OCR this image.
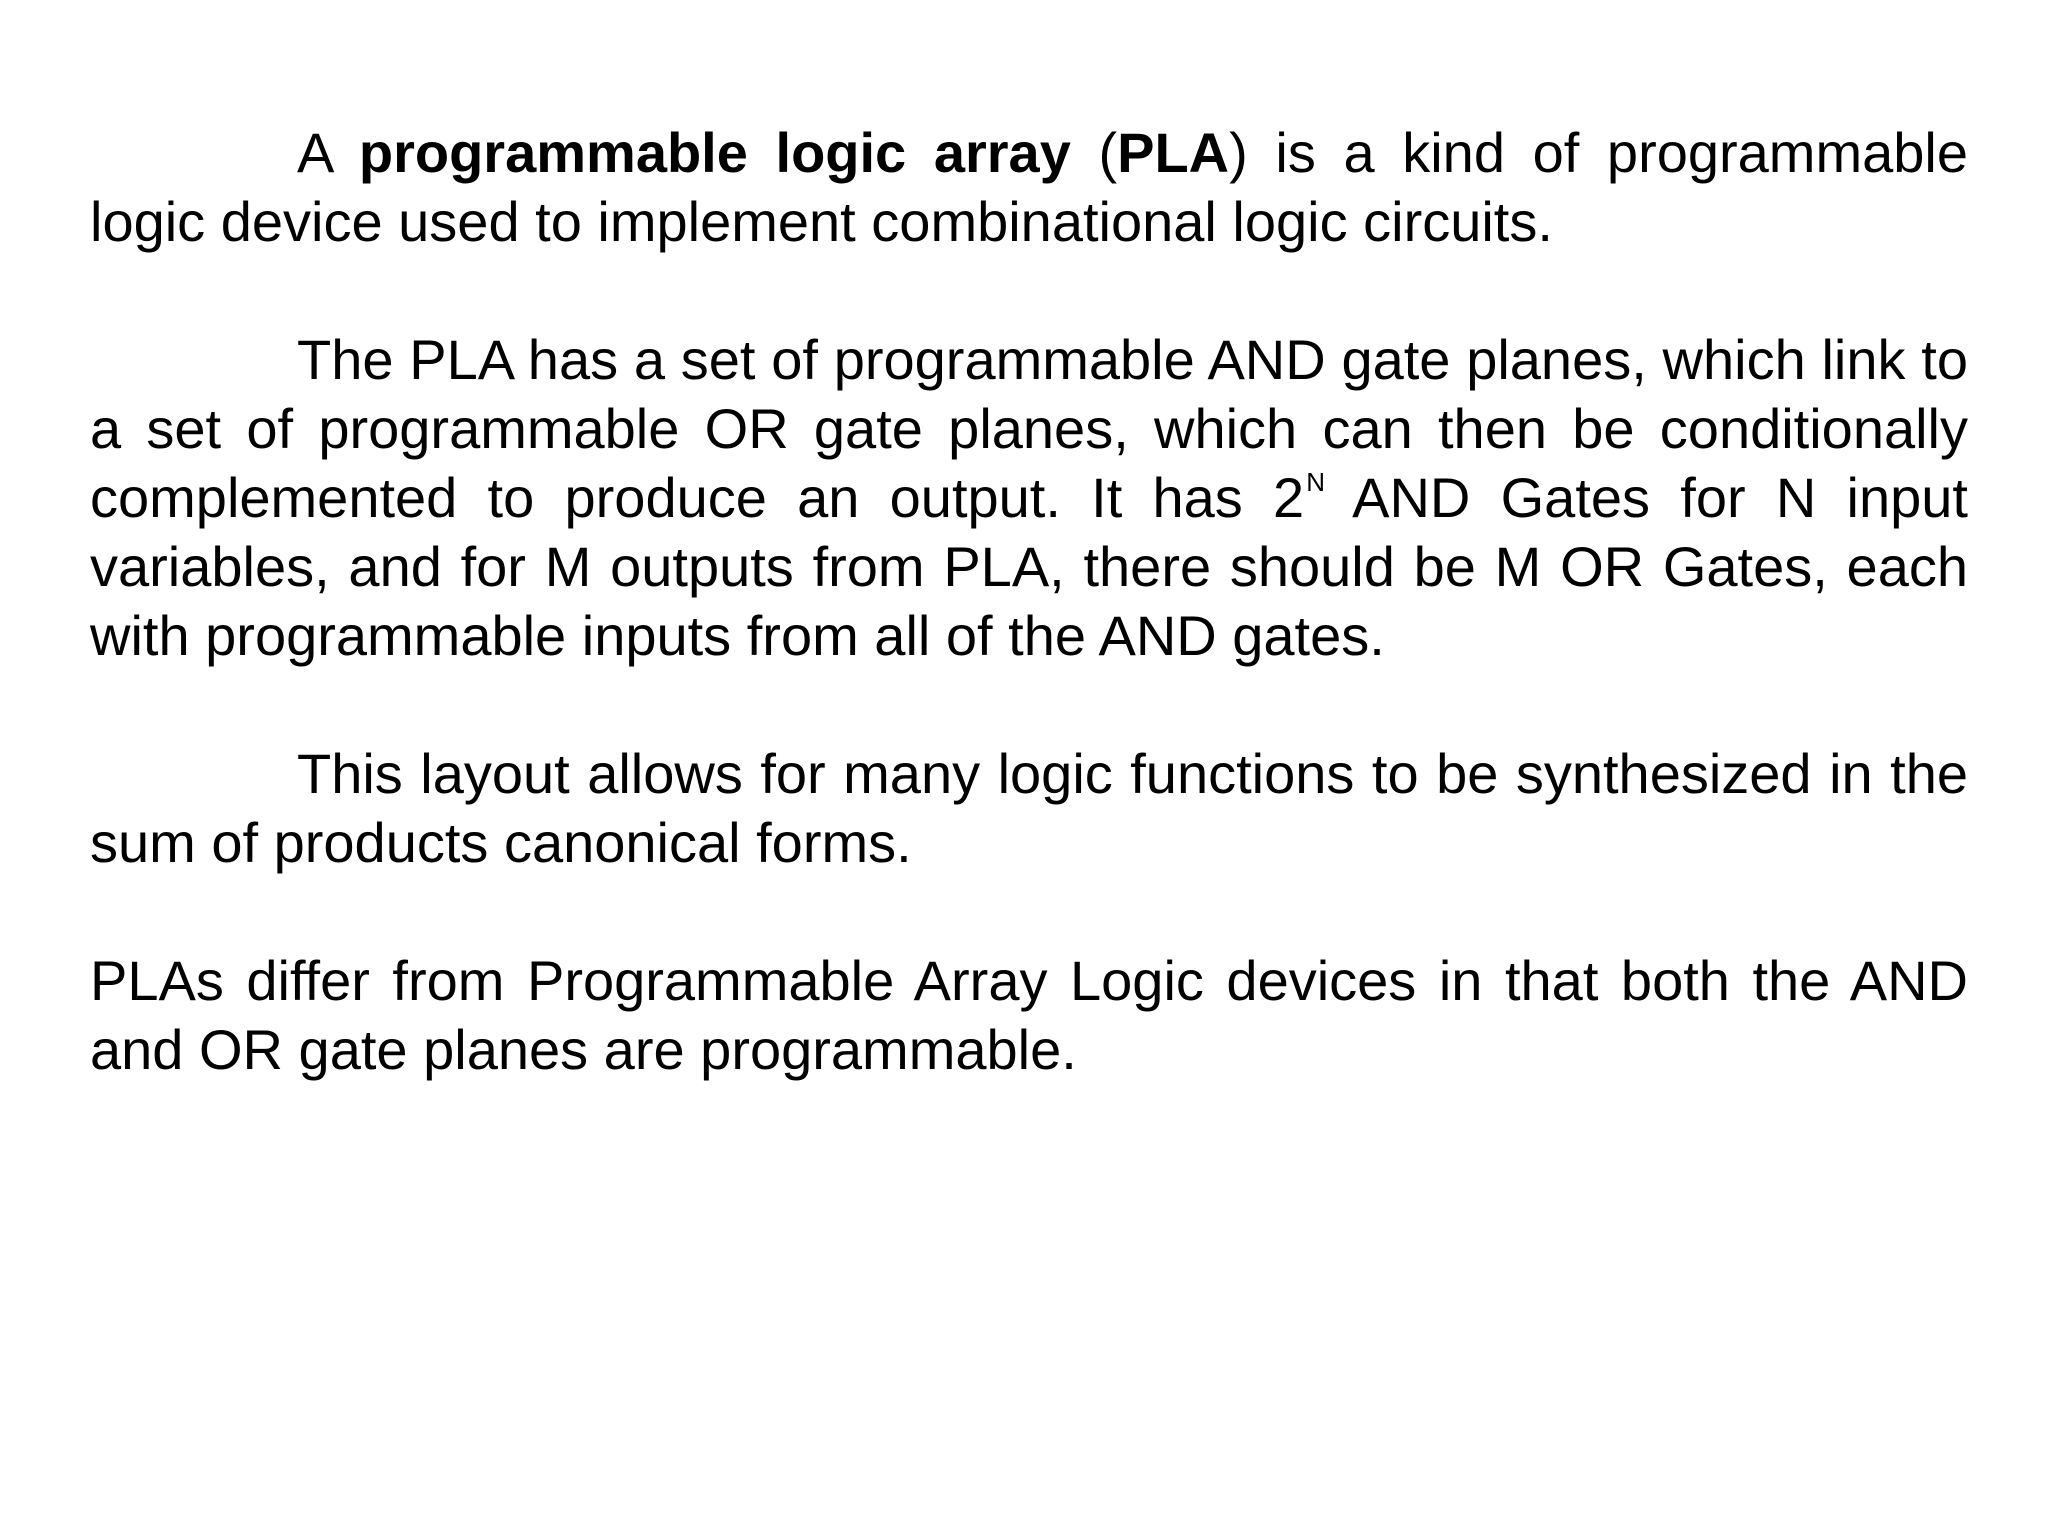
A programmable logic array (PLA) is a kind of programmable logic device used to implement combinational logic circuits.

The PLA has a set of programmable AND gate planes, which link to a set of programmable OR gate planes, which can then be conditionally complemented to produce an output. It has $2^N$ AND Gates for N input variables, and for M outputs from PLA, there should be M OR Gates, each with programmable inputs from all of the AND gates.

This layout allows for many logic functions to be synthesized in the sum of products canonical forms.

PLAs differ from Programmable Array Logic devices in that both the AND and OR gate planes are programmable.
